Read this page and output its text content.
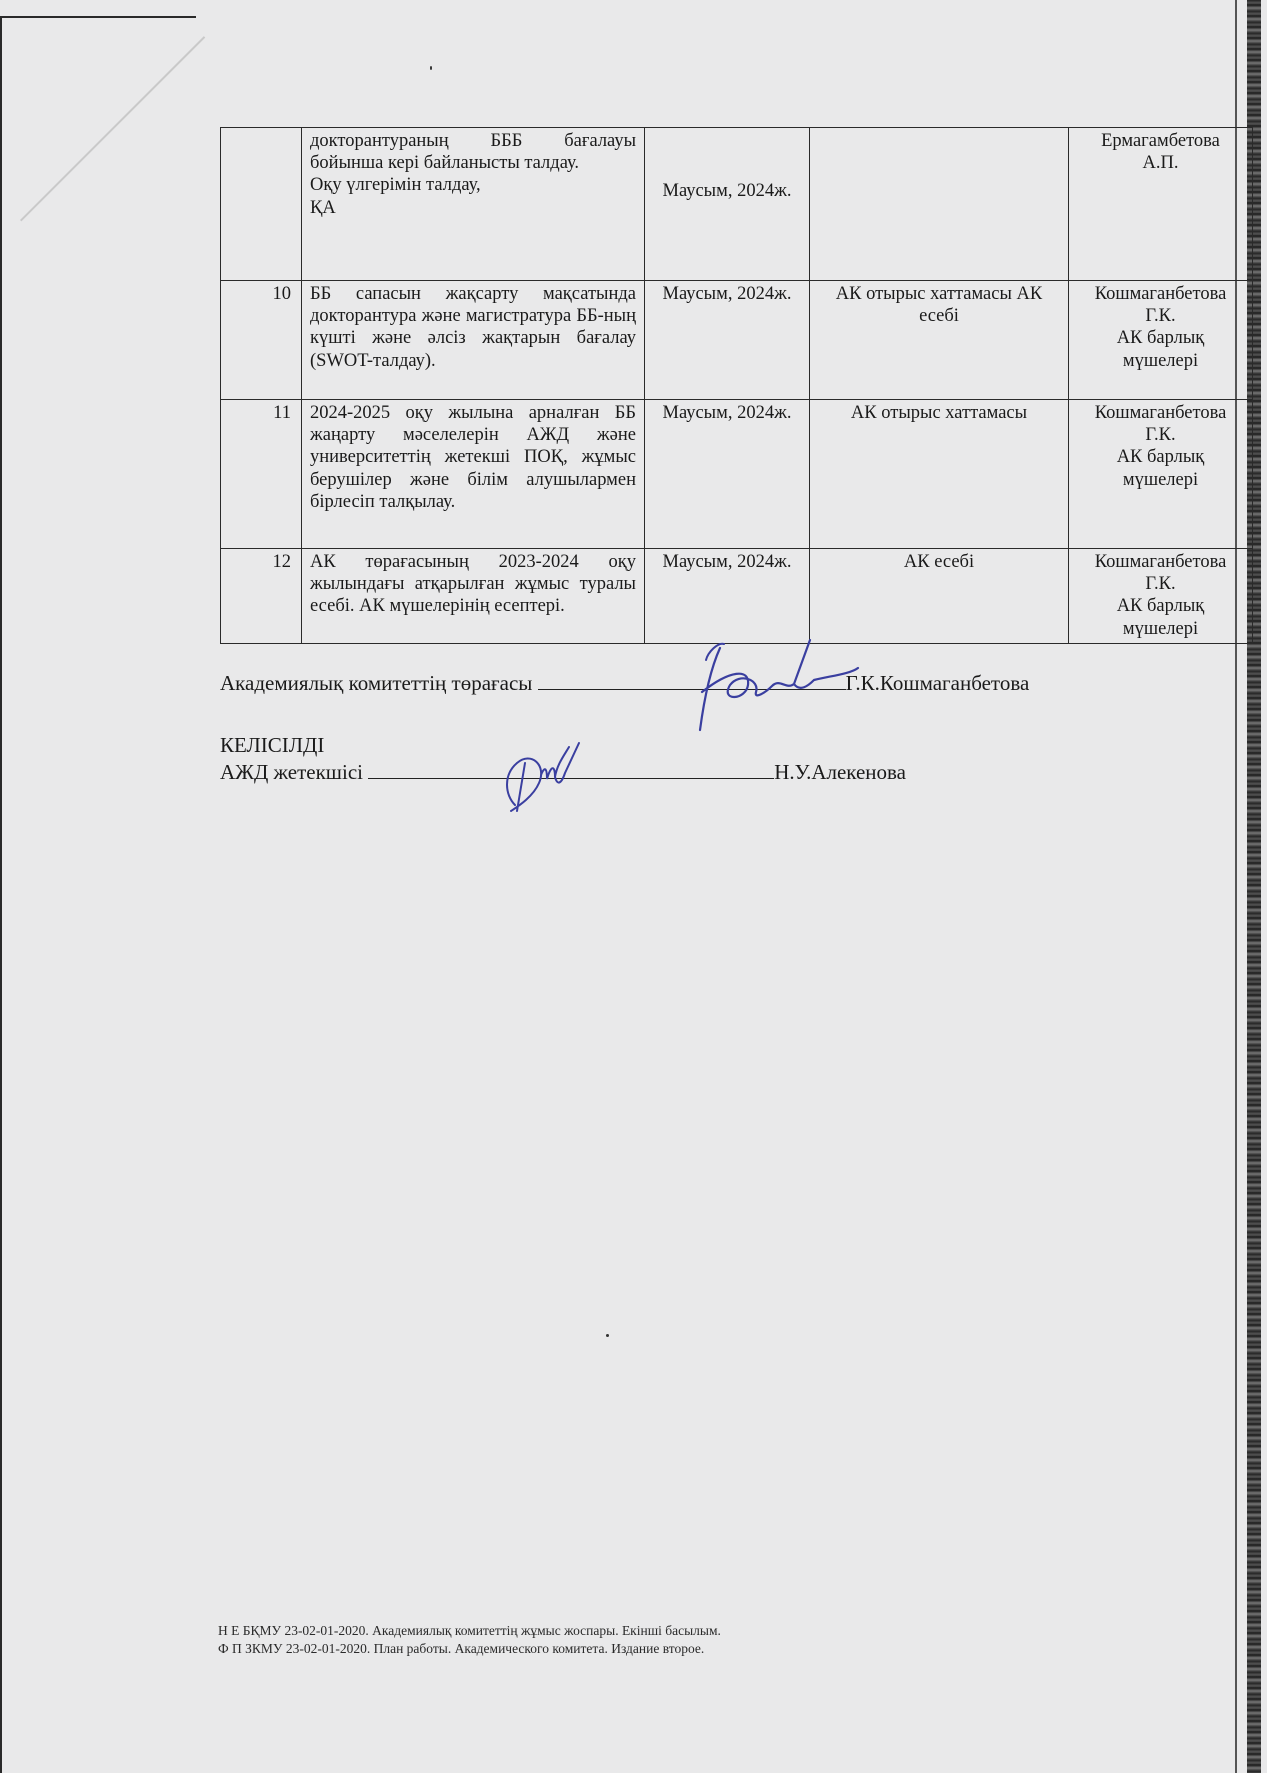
	докторантураның БББ бағалауы бойынша кері байланысты талдау.
Оқу үлгерімін талдау,
ҚА	Маусым, 2024ж.		Ермагамбетова
А.П.

10	ББ сапасын жақсарту мақсатында докторантура және магистратура ББ-ның күшті және әлсіз жақтарын бағалау (SWOT-талдау).	Маусым, 2024ж.	АК отырыс хаттамасы АК есебі	Кошмаганбетова
Г.К.
АК барлық мүшелері

11	2024-2025 оқу жылына арналған ББ жаңарту мәселелерін АЖД және университеттің жетекші ПОҚ, жұмыс берушілер және білім алушылармен бірлесіп талқылау.	Маусым, 2024ж.	АК отырыс хаттамасы	Кошмаганбетова
Г.К.
АК барлық мүшелері

12	АК төрағасының 2023-2024 оқу жылындағы атқарылған жұмыс туралы есебі. АК мүшелерінің есептері.	Маусым, 2024ж.	АК есебі	Кошмаганбетова
Г.К.
АК барлық мүшелері
Академиялық комитеттің төрағасы	Г.К.Кошмаганбетова
КЕЛІСІЛДІ
АЖД жетекшісі	Н.У.Алекенова
Н Е БҚМУ 23-02-01-2020. Академиялық комитеттің жұмыс жоспары. Екінші басылым.
Ф П ЗКМУ 23-02-01-2020. План работы. Академического комитета. Издание второе.
